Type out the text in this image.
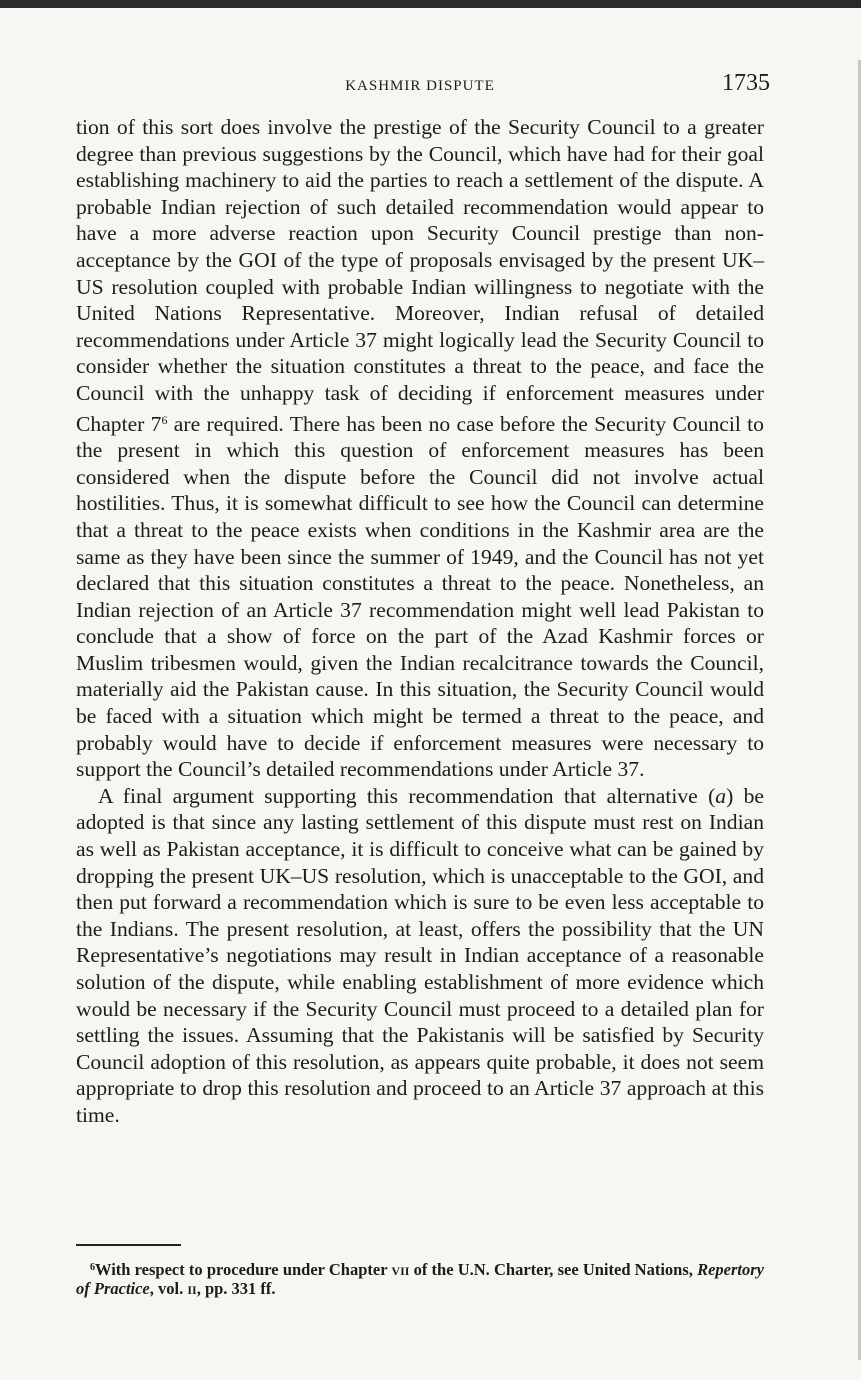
KASHMIR DISPUTE	1735

tion of this sort does involve the prestige of the Security Council to a greater degree than previous suggestions by the Council, which have had for their goal establishing machinery to aid the parties to reach a settlement of the dispute. A probable Indian rejection of such detailed recommendation would appear to have a more adverse reaction upon Security Council prestige than non-acceptance by the GOI of the type of proposals envisaged by the present UK–US resolution coupled with probable Indian willingness to negotiate with the United Nations Representative. Moreover, Indian refusal of detailed recommendations under Article 37 might logically lead the Security Council to consider whether the situation constitutes a threat to the peace, and face the Council with the unhappy task of deciding if enforcement measures under Chapter 7$^6$ are required. There has been no case before the Security Council to the present in which this question of enforcement measures has been considered when the dispute before the Council did not involve actual hostilities. Thus, it is somewhat difficult to see how the Council can determine that a threat to the peace exists when conditions in the Kashmir area are the same as they have been since the summer of 1949, and the Council has not yet declared that this situation constitutes a threat to the peace. Nonetheless, an Indian rejection of an Article 37 recommendation might well lead Pakistan to conclude that a show of force on the part of the Azad Kashmir forces or Muslim tribesmen would, given the Indian recalcitrance towards the Council, materially aid the Pakistan cause. In this situation, the Security Council would be faced with a situation which might be termed a threat to the peace, and probably would have to decide if enforcement measures were necessary to support the Council’s detailed recommendations under Article 37.

A final argument supporting this recommendation that alternative (a) be adopted is that since any lasting settlement of this dispute must rest on Indian as well as Pakistan acceptance, it is difficult to conceive what can be gained by dropping the present UK–US resolution, which is unacceptable to the GOI, and then put forward a recommendation which is sure to be even less acceptable to the Indians. The present resolution, at least, offers the possibility that the UN Representative’s negotiations may result in Indian acceptance of a reasonable solution of the dispute, while enabling establishment of more evidence which would be necessary if the Security Council must proceed to a detailed plan for settling the issues. Assuming that the Pakistanis will be satisfied by Security Council adoption of this resolution, as appears quite probable, it does not seem appropriate to drop this resolution and proceed to an Article 37 approach at this time.

$^6$With respect to procedure under Chapter vii of the U.N. Charter, see United Nations, Repertory of Practice, vol. ii, pp. 331 ff.
